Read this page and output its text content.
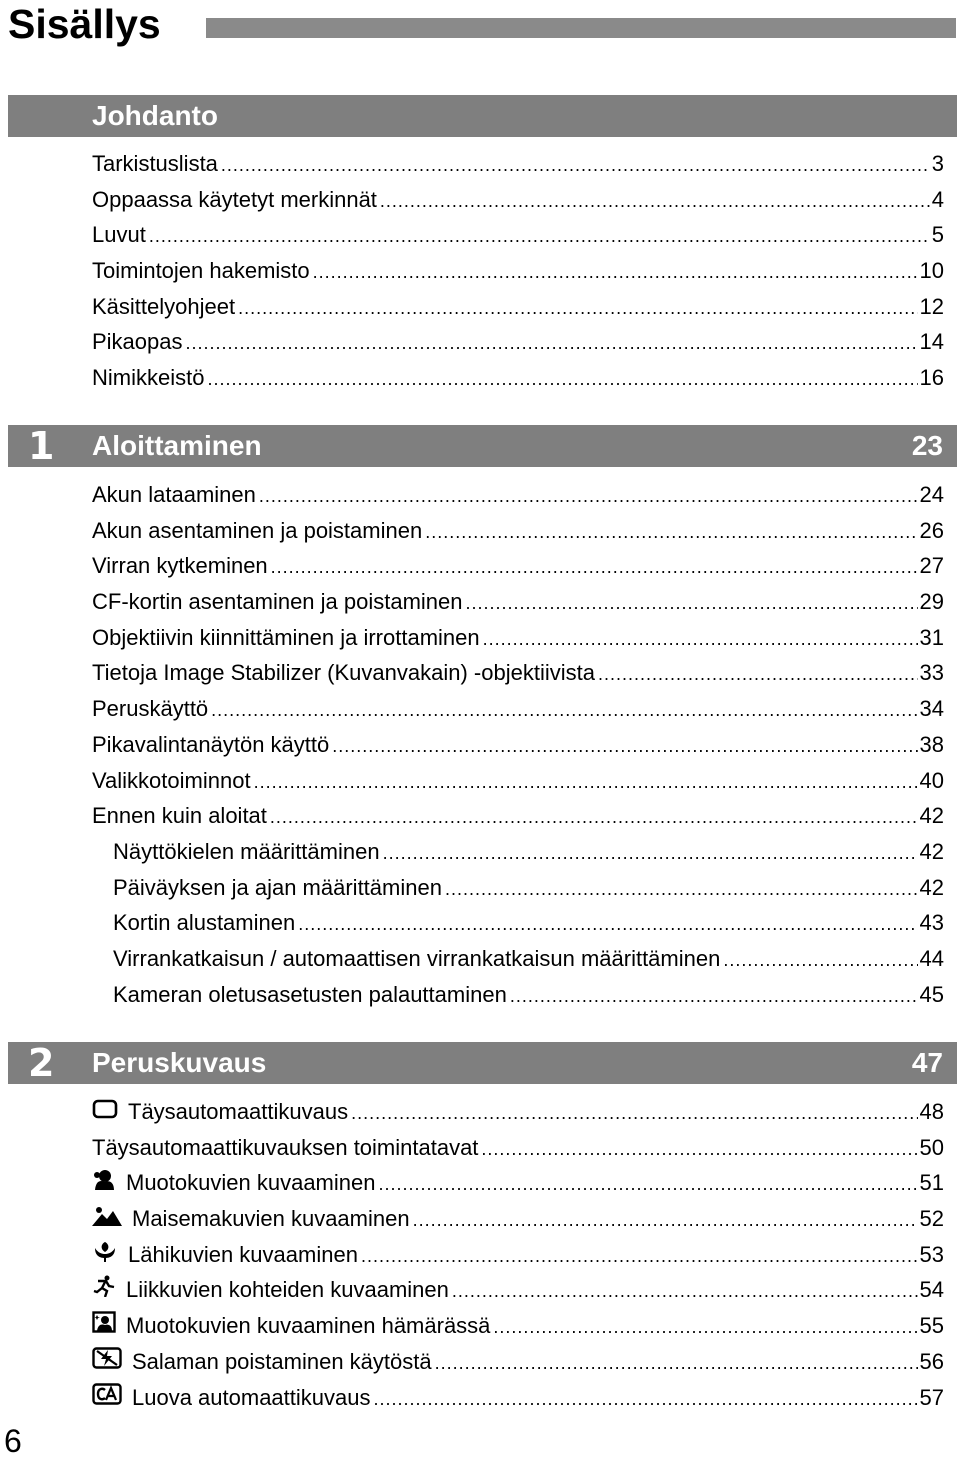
Sisällys
Johdanto
Tarkistuslista .....	3
Oppaassa käytetyt merkinnät .....	4
Luvut .....	5
Toimintojen hakemisto .....	10
Käsittelyohjeet .....	12
Pikaopas .....	14
Nimikkeistö .....	16
1 Aloittaminen	23
Akun lataaminen .....	24
Akun asentaminen ja poistaminen .....	26
Virran kytkeminen .....	27
CF-kortin asentaminen ja poistaminen .....	29
Objektiivin kiinnittäminen ja irrottaminen .....	31
Tietoja Image Stabilizer (Kuvanvakain) -objektiivista .....	33
Peruskäyttö .....	34
Pikavalintanäytön käyttö .....	38
Valikkotoiminnot .....	40
Ennen kuin aloitat .....	42
Näyttökielen määrittäminen .....	42
Päiväyksen ja ajan määrittäminen .....	42
Kortin alustaminen .....	43
Virrankatkaisun / automaattisen virrankatkaisun määrittäminen .....	44
Kameran oletusasetusten palauttaminen .....	45
2 Peruskuvaus	47
Täysautomaattikuvaus .....	48
Täysautomaattikuvauksen toimintatavat .....	50
Muotokuvien kuvaaminen .....	51
Maisemakuvien kuvaaminen .....	52
Lähikuvien kuvaaminen .....	53
Liikkuvien kohteiden kuvaaminen .....	54
Muotokuvien kuvaaminen hämärässä .....	55
Salaman poistaminen käytöstä .....	56
Luova automaattikuvaus .....	57
6
